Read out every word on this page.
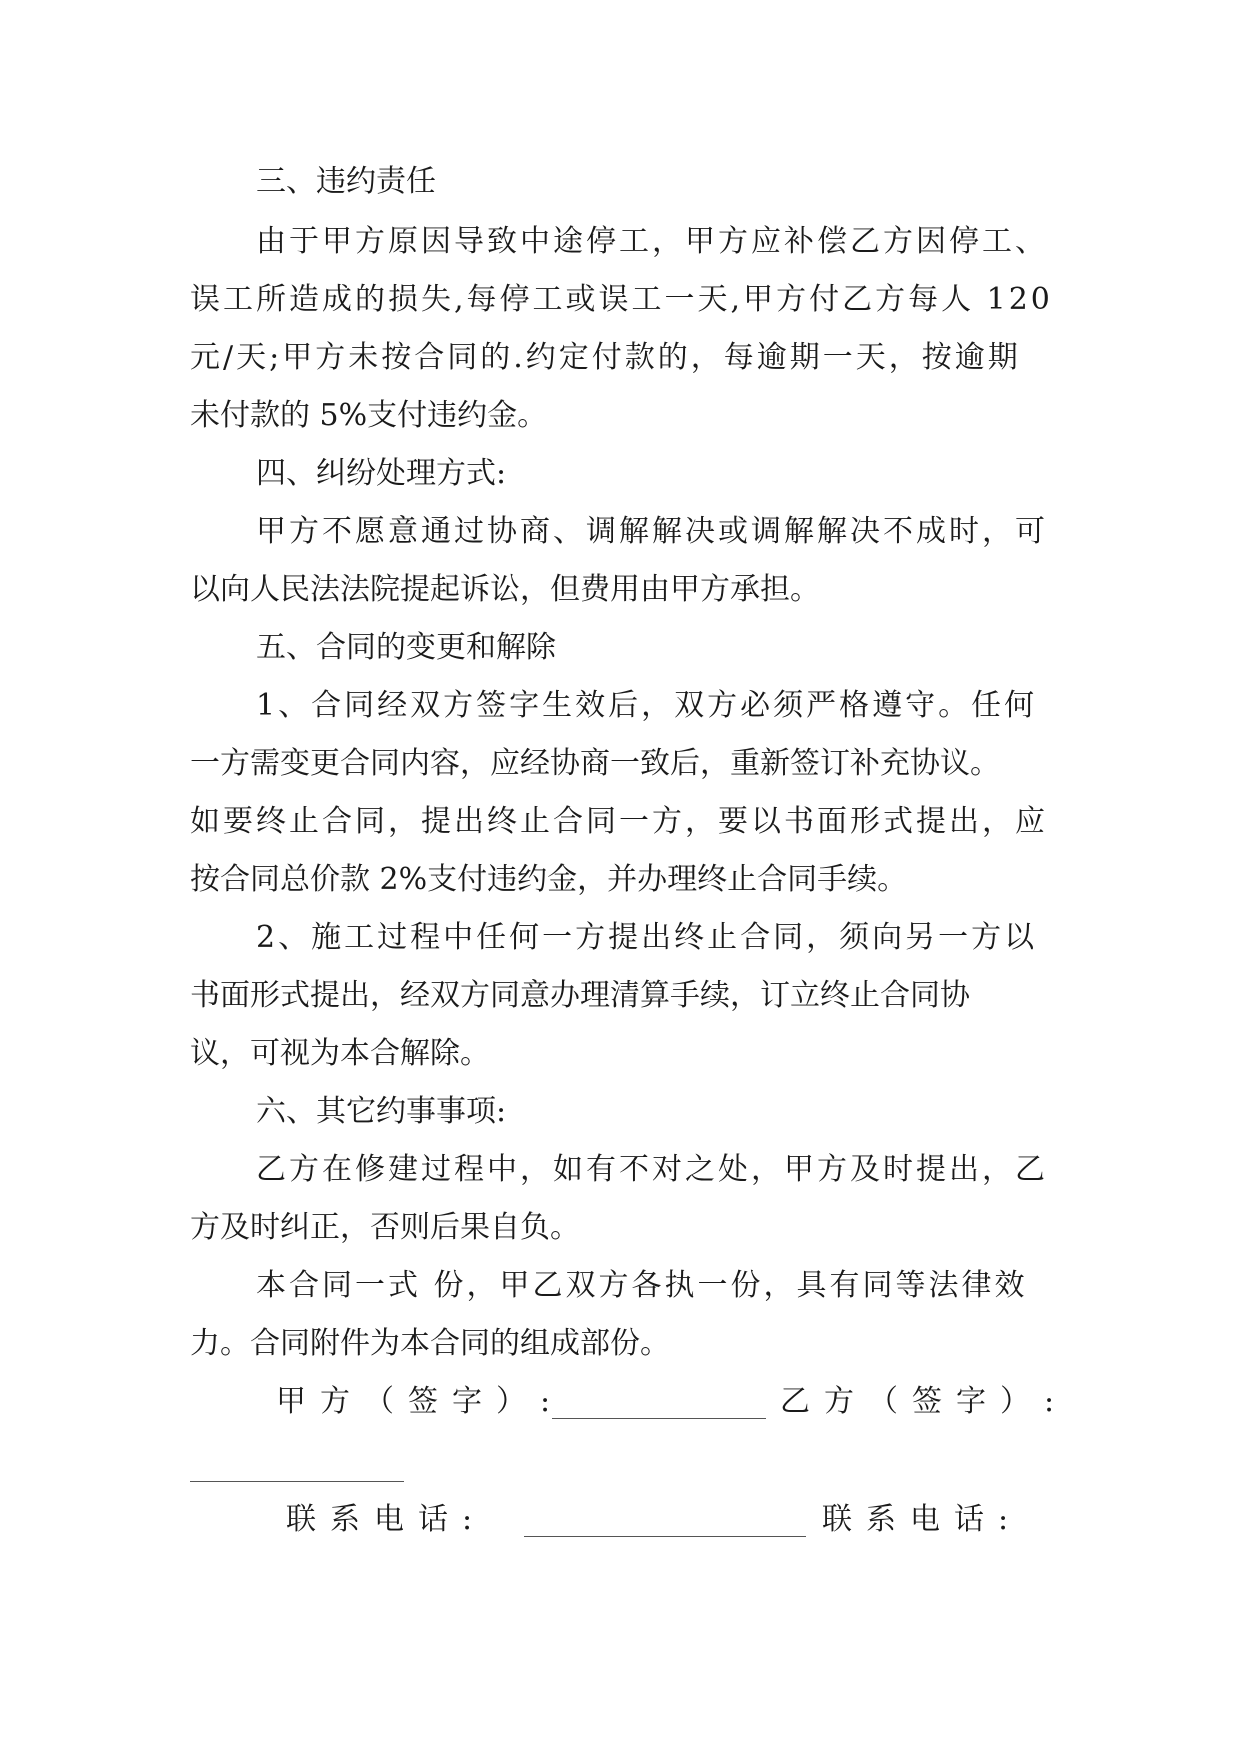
三、违约责任
由于甲方原因导致中途停工，甲方应补偿乙方因停工、
误工所造成的损失,每停工或误工一天,甲方付乙方每人 120
元/天;甲方未按合同的.约定付款的，每逾期一天，按逾期
未付款的 5%支付违约金。
四、纠纷处理方式:
甲方不愿意通过协商、调解解决或调解解决不成时，可
以向人民法法院提起诉讼，但费用由甲方承担。
五、合同的变更和解除
1、合同经双方签字生效后，双方必须严格遵守。任何
一方需变更合同内容，应经协商一致后，重新签订补充协议。
如要终止合同，提出终止合同一方，要以书面形式提出，应
按合同总价款 2%支付违约金，并办理终止合同手续。
2、施工过程中任何一方提出终止合同，须向另一方以
书面形式提出，经双方同意办理清算手续，订立终止合同协
议，可视为本合解除。
六、其它约事事项:
乙方在修建过程中，如有不对之处，甲方及时提出，乙
方及时纠正，否则后果自负。
本合同一式 份，甲乙双方各执一份，具有同等法律效
力。合同附件为本合同的组成部份。
甲方（签字）:	乙方（签字）:
联系电话:	联系电话:
